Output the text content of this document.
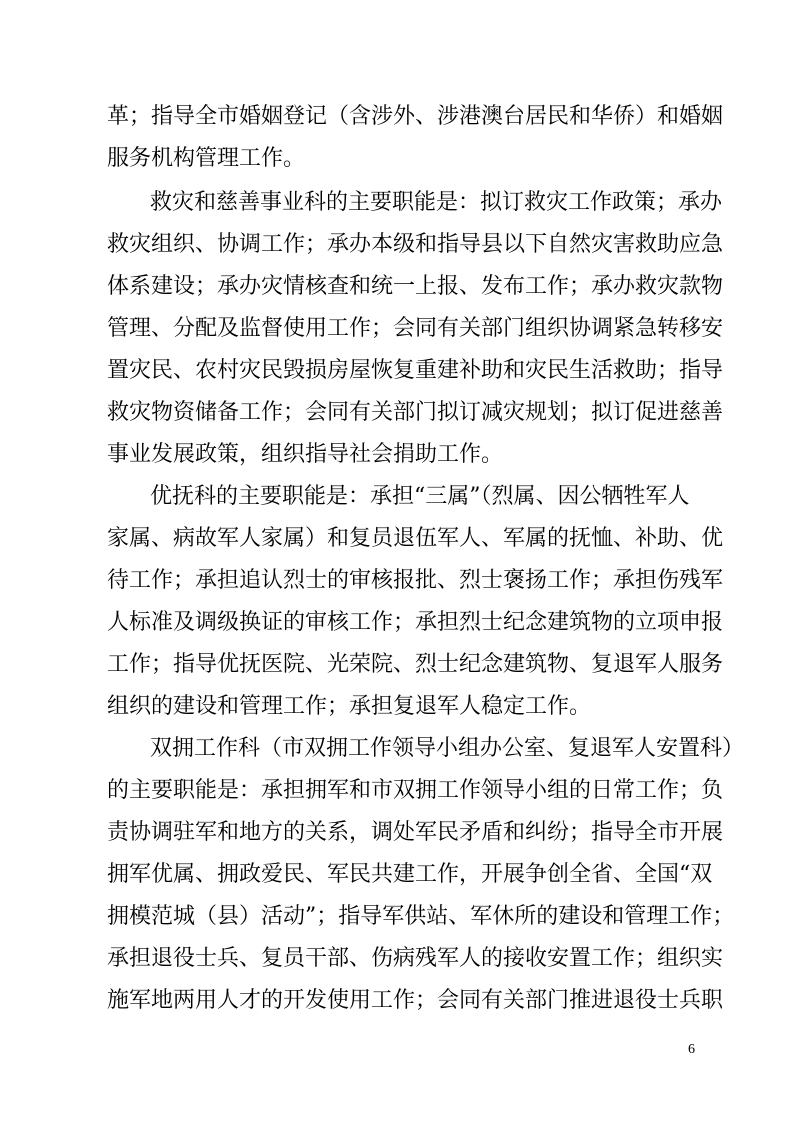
革；指导全市婚姻登记（含涉外、涉港澳台居民和华侨）和婚姻
服务机构管理工作。
救灾和慈善事业科的主要职能是：拟订救灾工作政策；承办
救灾组织、协调工作；承办本级和指导县以下自然灾害救助应急
体系建设；承办灾情核查和统一上报、发布工作；承办救灾款物
管理、分配及监督使用工作；会同有关部门组织协调紧急转移安
置灾民、农村灾民毁损房屋恢复重建补助和灾民生活救助；指导
救灾物资储备工作；会同有关部门拟订减灾规划；拟订促进慈善
事业发展政策，组织指导社会捐助工作。
优抚科的主要职能是：承担“三属”（烈属、因公牺牲军人
家属、病故军人家属）和复员退伍军人、军属的抚恤、补助、优
待工作；承担追认烈士的审核报批、烈士褒扬工作；承担伤残军
人标准及调级换证的审核工作；承担烈士纪念建筑物的立项申报
工作；指导优抚医院、光荣院、烈士纪念建筑物、复退军人服务
组织的建设和管理工作；承担复退军人稳定工作。
双拥工作科（市双拥工作领导小组办公室、复退军人安置科）
的主要职能是：承担拥军和市双拥工作领导小组的日常工作；负
责协调驻军和地方的关系，调处军民矛盾和纠纷；指导全市开展
拥军优属、拥政爱民、军民共建工作，开展争创全省、全国“双
拥模范城（县）活动”；指导军供站、军休所的建设和管理工作；
承担退役士兵、复员干部、伤病残军人的接收安置工作；组织实
施军地两用人才的开发使用工作；会同有关部门推进退役士兵职
6
